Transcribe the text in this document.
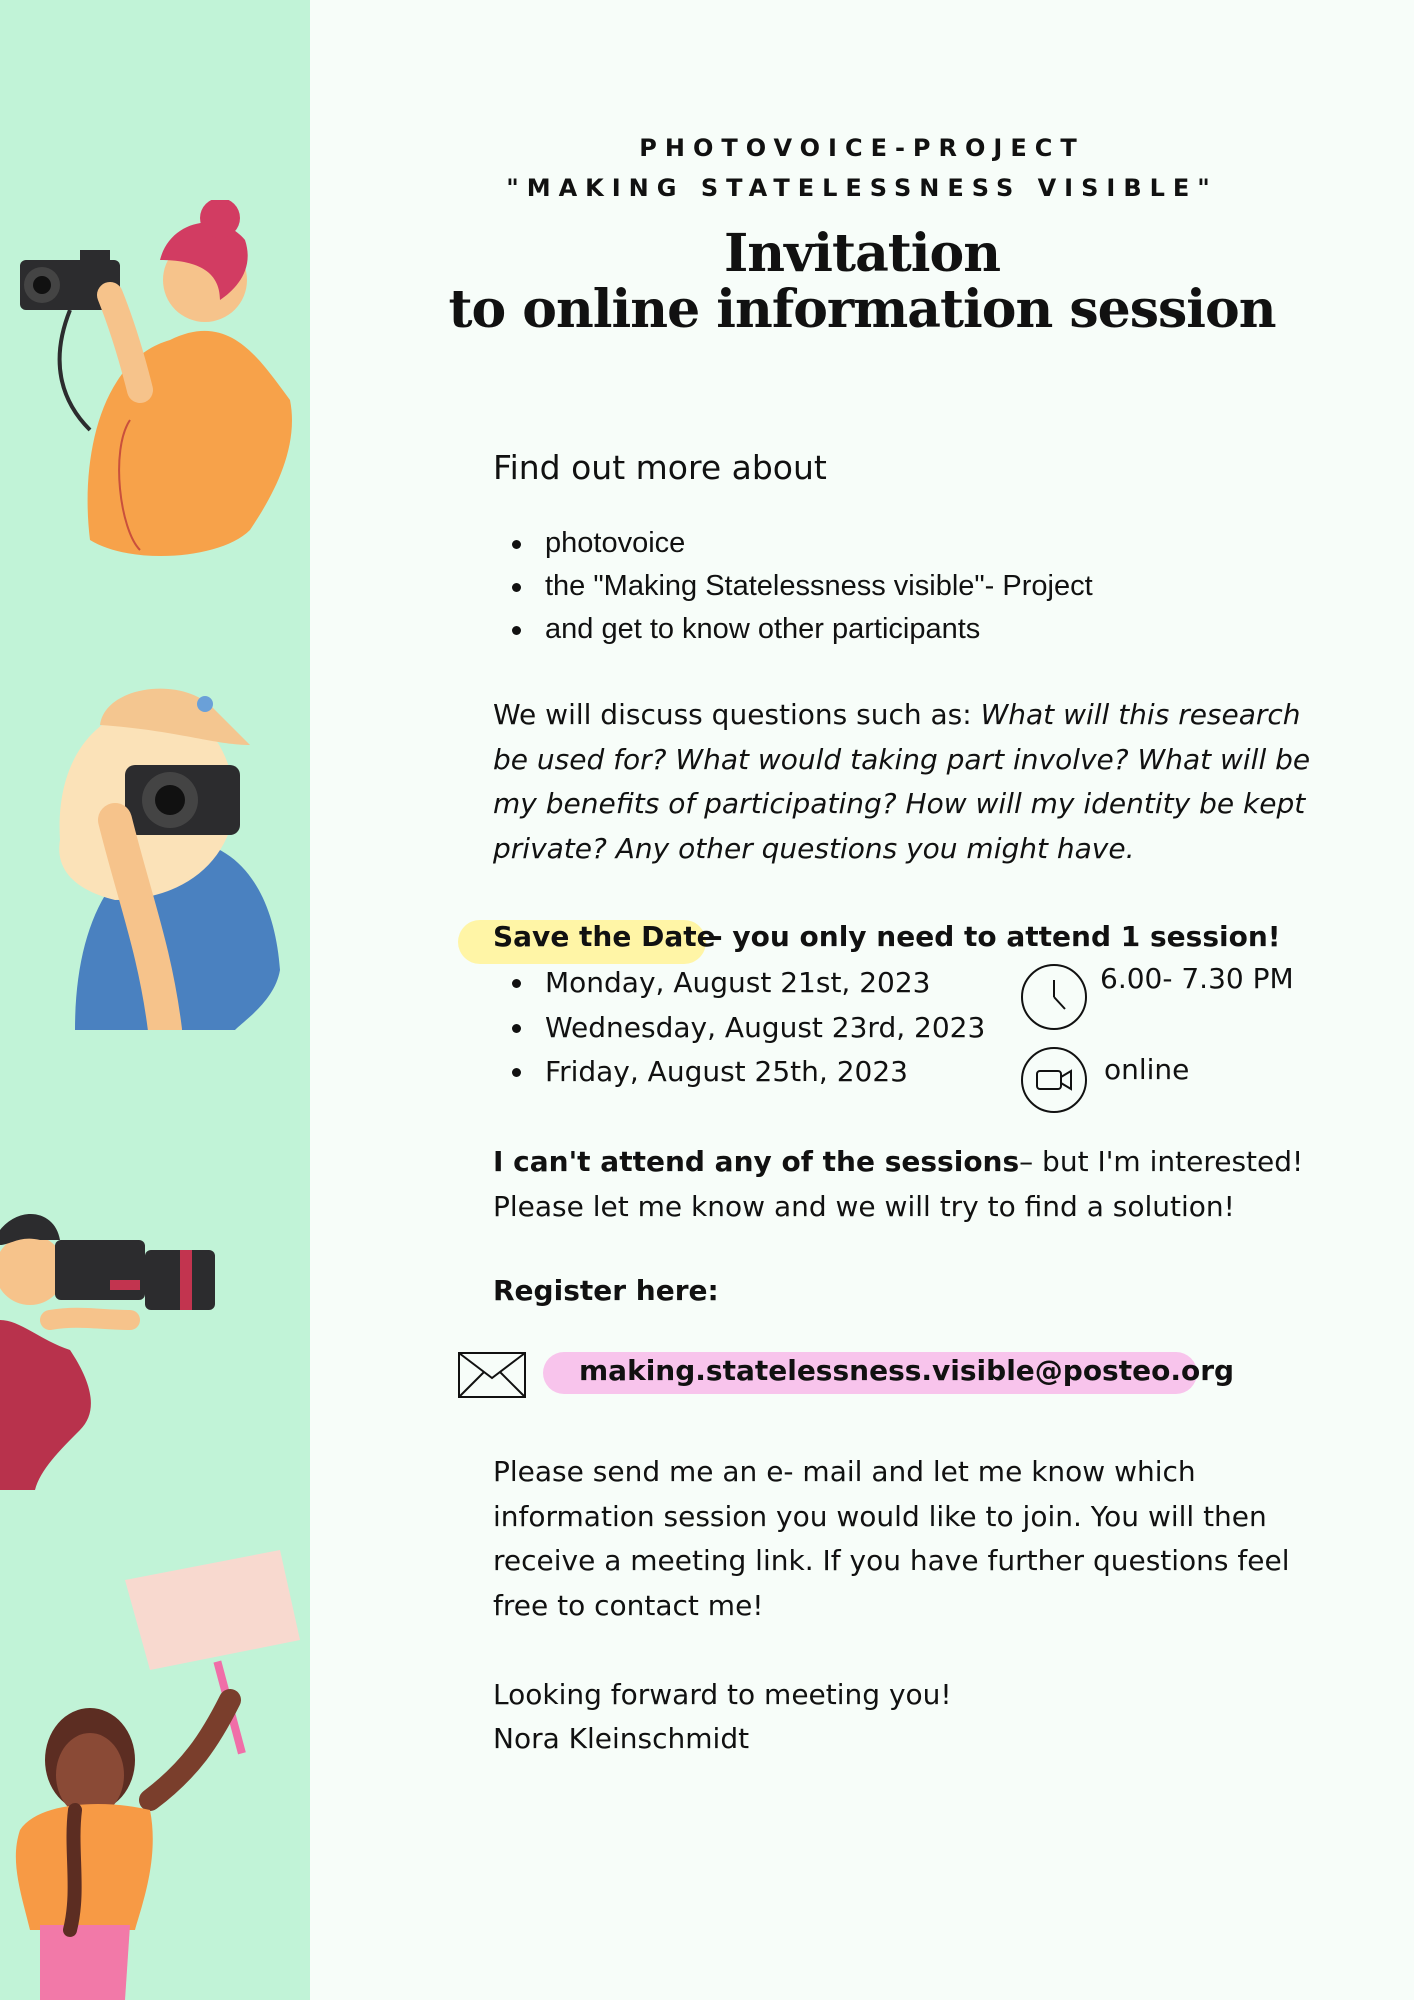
PHOTOVOICE-PROJECT
"MAKING STATELESSNESS VISIBLE"
Invitation
to online information session
Find out more about
photovoice
the "Making Statelessness visible"- Project
and get to know other participants
We will discuss questions such as: What will this research be used for? What would taking part involve? What will be my benefits of participating? How will my identity be kept private? Any other questions you might have.
Save the Date
- you only need to attend 1 session!
Monday, August 21st, 2023
Wednesday, August 23rd, 2023
Friday, August 25th, 2023
6.00- 7.30 PM
online
I can't attend any of the sessions– but I'm interested!
Please let me know and we will try to find a solution!
Register here:
making.statelessness.visible@posteo.org
Please send me an e- mail and let me know which information session you would like to join. You will then receive a meeting link. If you have further questions feel free to contact me!
Looking forward to meeting you!
Nora Kleinschmidt
